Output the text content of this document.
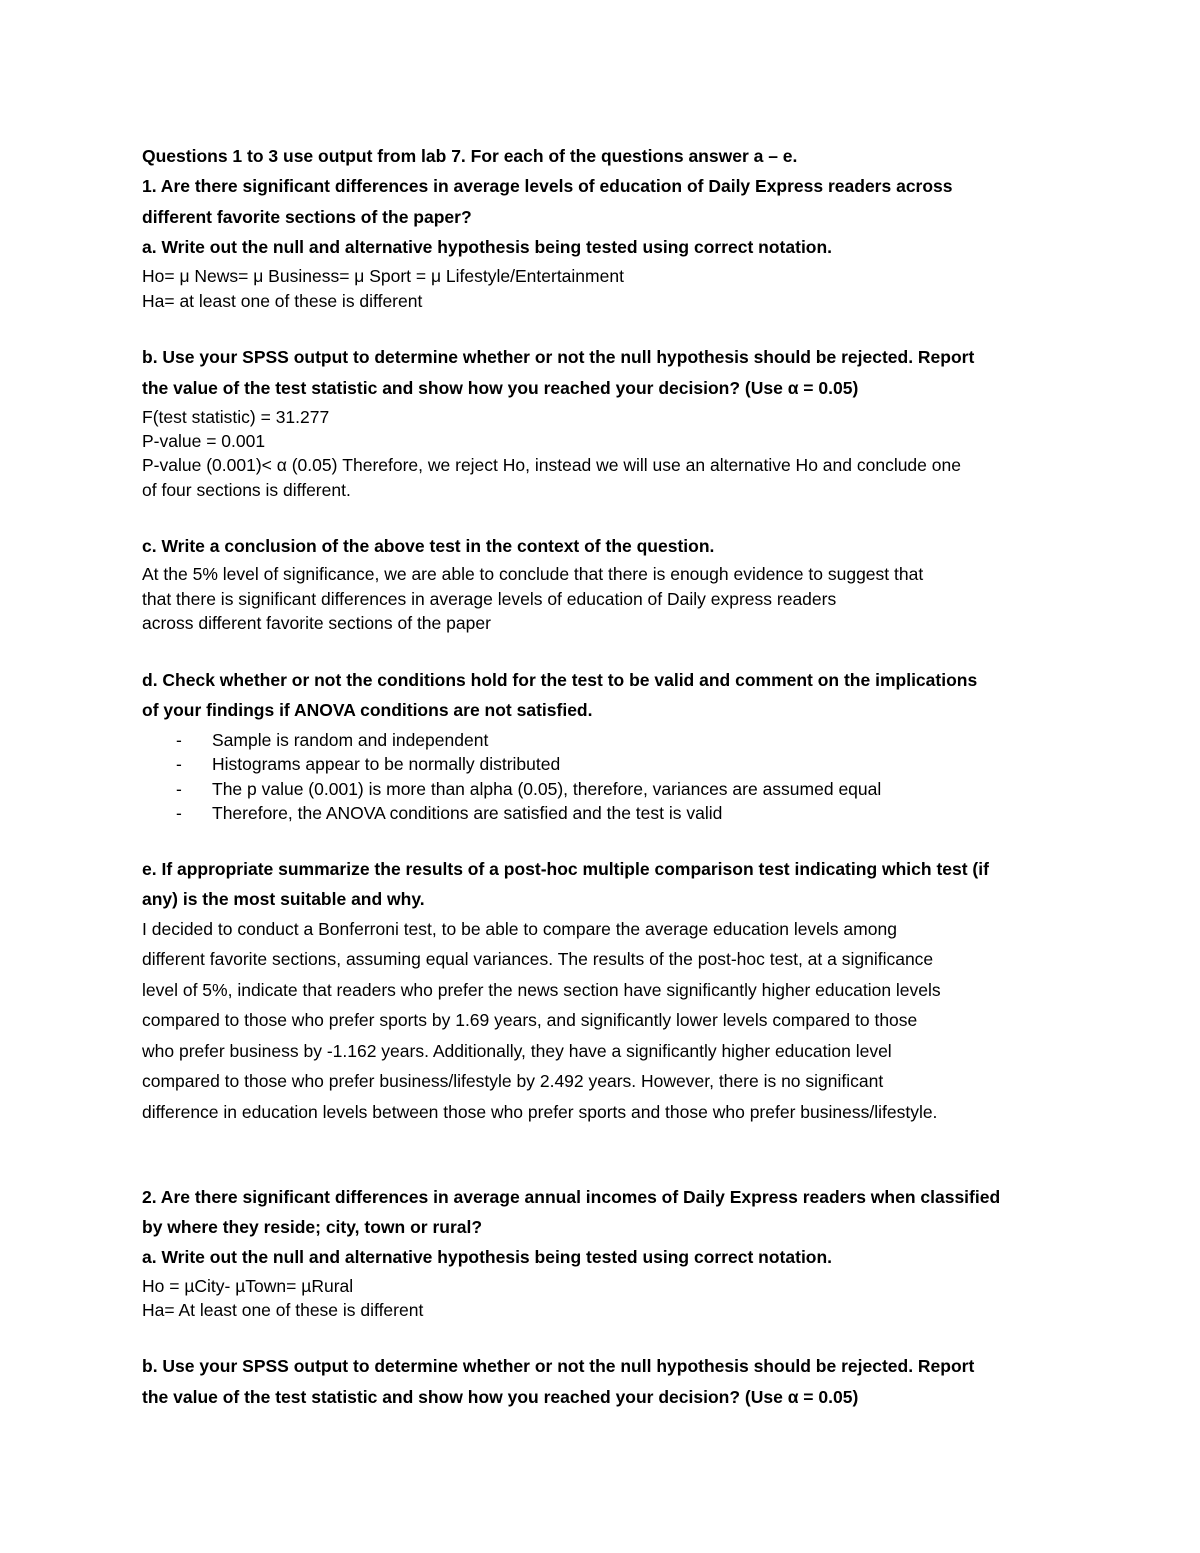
Questions 1 to 3 use output from lab 7. For each of the questions answer a – e.
1. Are there significant differences in average levels of education of Daily Express readers across
different favorite sections of the paper?
a. Write out the null and alternative hypothesis being tested using correct notation.
Ho= μ News= μ Business= μ Sport = μ Lifestyle/Entertainment
Ha= at least one of these is different
b. Use your SPSS output to determine whether or not the null hypothesis should be rejected. Report
the value of the test statistic and show how you reached your decision? (Use α = 0.05)
F(test statistic) = 31.277
P-value = 0.001
P-value (0.001)< α (0.05) Therefore, we reject Ho, instead we will use an alternative Ho and conclude one
of four sections is different.
c. Write a conclusion of the above test in the context of the question.
At the 5% level of significance, we are able to conclude that there is enough evidence to suggest that
that there is significant differences in average levels of education of Daily express readers
across different favorite sections of the paper
d. Check whether or not the conditions hold for the test to be valid and comment on the implications
of your findings if ANOVA conditions are not satisfied.
- Sample is random and independent
- Histograms appear to be normally distributed
- The p value (0.001) is more than alpha (0.05), therefore, variances are assumed equal
- Therefore, the ANOVA conditions are satisfied and the test is valid
e. If appropriate summarize the results of a post-hoc multiple comparison test indicating which test (if
any) is the most suitable and why.
I decided to conduct a Bonferroni test, to be able to compare the average education levels among
different favorite sections, assuming equal variances. The results of the post-hoc test, at a significance
level of 5%, indicate that readers who prefer the news section have significantly higher education levels
compared to those who prefer sports by 1.69 years, and significantly lower levels compared to those
who prefer business by -1.162 years. Additionally, they have a significantly higher education level
compared to those who prefer business/lifestyle by 2.492 years. However, there is no significant
difference in education levels between those who prefer sports and those who prefer business/lifestyle.
2. Are there significant differences in average annual incomes of Daily Express readers when classified
by where they reside; city, town or rural?
a. Write out the null and alternative hypothesis being tested using correct notation.
Ho = µCity- µTown= µRural
Ha= At least one of these is different
b. Use your SPSS output to determine whether or not the null hypothesis should be rejected. Report
the value of the test statistic and show how you reached your decision? (Use α = 0.05)
